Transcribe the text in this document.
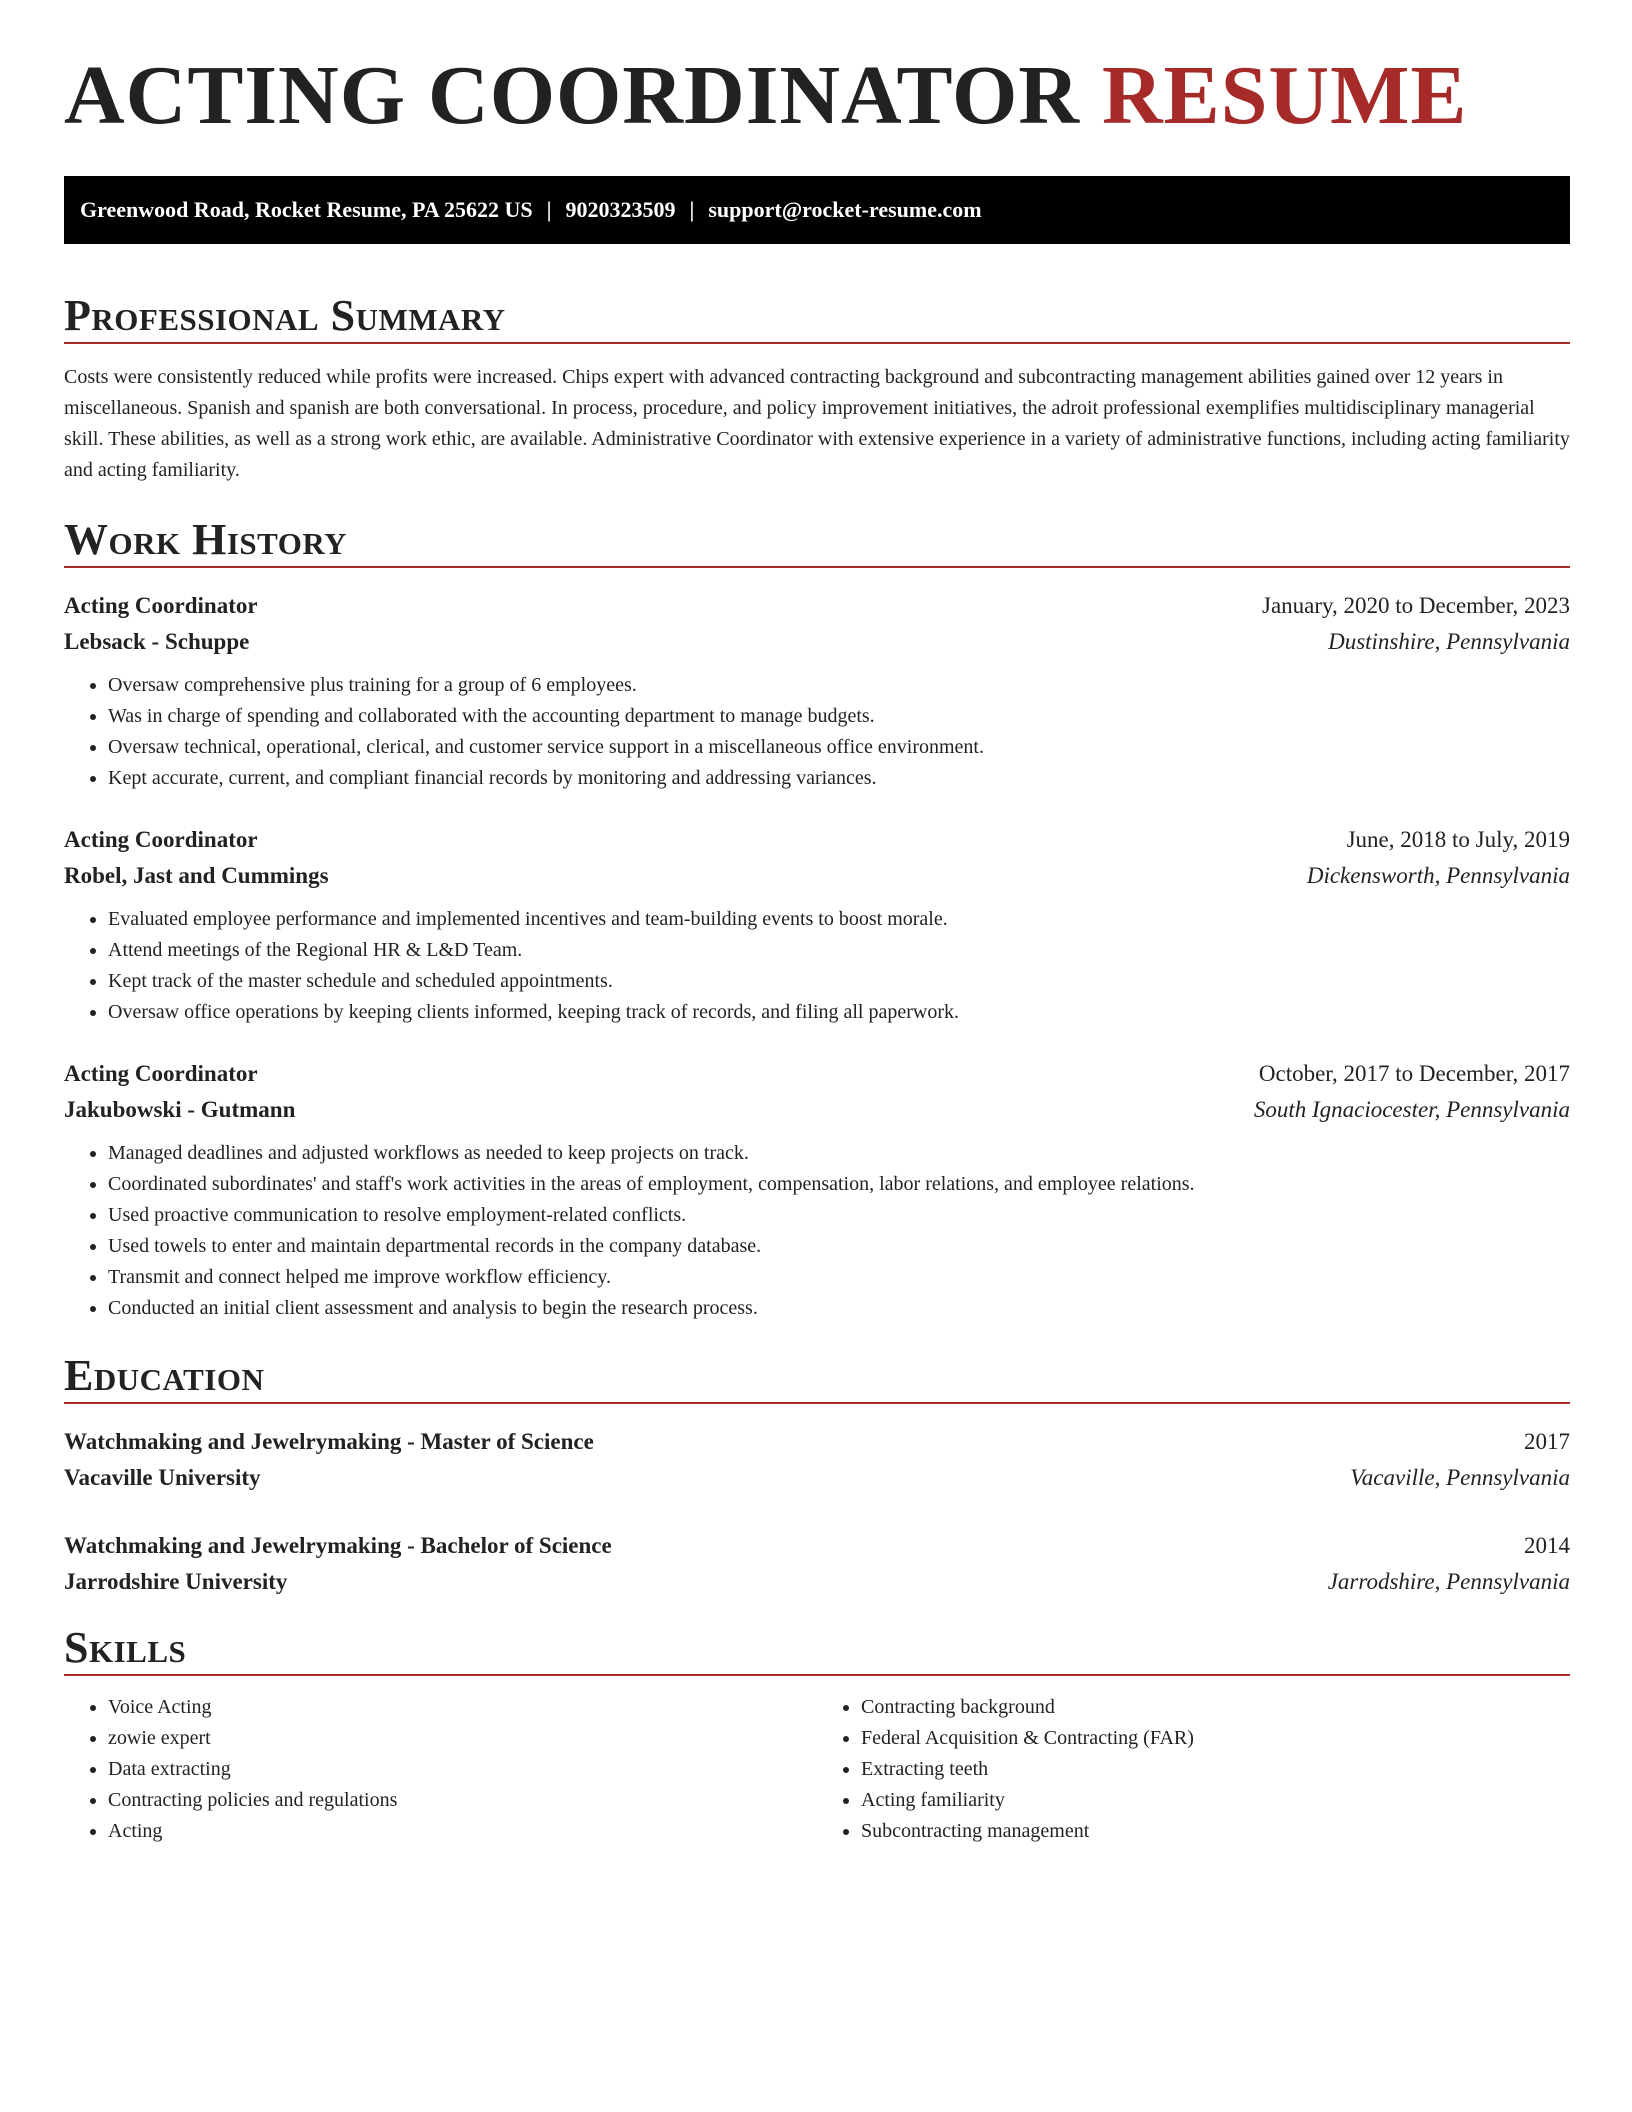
ACTING COORDINATOR RESUME
Greenwood Road, Rocket Resume, PA 25622 US | 9020323509 | support@rocket-resume.com
Professional Summary

Costs were consistently reduced while profits were increased. Chips expert with advanced contracting background and subcontracting management abilities gained over 12 years in miscellaneous. Spanish and spanish are both conversational. In process, procedure, and policy improvement initiatives, the adroit professional exemplifies multidisciplinary managerial skill. These abilities, as well as a strong work ethic, are available. Administrative Coordinator with extensive experience in a variety of administrative functions, including acting familiarity and acting familiarity.

Work History
Acting Coordinator	January, 2020 to December, 2023
Lebsack - Schuppe	Dustinshire, Pennsylvania
• Oversaw comprehensive plus training for a group of 6 employees.
• Was in charge of spending and collaborated with the accounting department to manage budgets.
• Oversaw technical, operational, clerical, and customer service support in a miscellaneous office environment.
• Kept accurate, current, and compliant financial records by monitoring and addressing variances.
Acting Coordinator	June, 2018 to July, 2019
Robel, Jast and Cummings	Dickensworth, Pennsylvania
• Evaluated employee performance and implemented incentives and team-building events to boost morale.
• Attend meetings of the Regional HR & L&D Team.
• Kept track of the master schedule and scheduled appointments.
• Oversaw office operations by keeping clients informed, keeping track of records, and filing all paperwork.
Acting Coordinator	October, 2017 to December, 2017
Jakubowski - Gutmann	South Ignaciocester, Pennsylvania
• Managed deadlines and adjusted workflows as needed to keep projects on track.
• Coordinated subordinates' and staff's work activities in the areas of employment, compensation, labor relations, and employee relations.
• Used proactive communication to resolve employment-related conflicts.
• Used towels to enter and maintain departmental records in the company database.
• Transmit and connect helped me improve workflow efficiency.
• Conducted an initial client assessment and analysis to begin the research process.
Education
Watchmaking and Jewelrymaking - Master of Science	2017
Vacaville University	Vacaville, Pennsylvania
Watchmaking and Jewelrymaking - Bachelor of Science	2014
Jarrodshire University	Jarrodshire, Pennsylvania
Skills
• Voice Acting
• zowie expert
• Data extracting
• Contracting policies and regulations
• Acting
• Contracting background
• Federal Acquisition & Contracting (FAR)
• Extracting teeth
• Acting familiarity
• Subcontracting management
